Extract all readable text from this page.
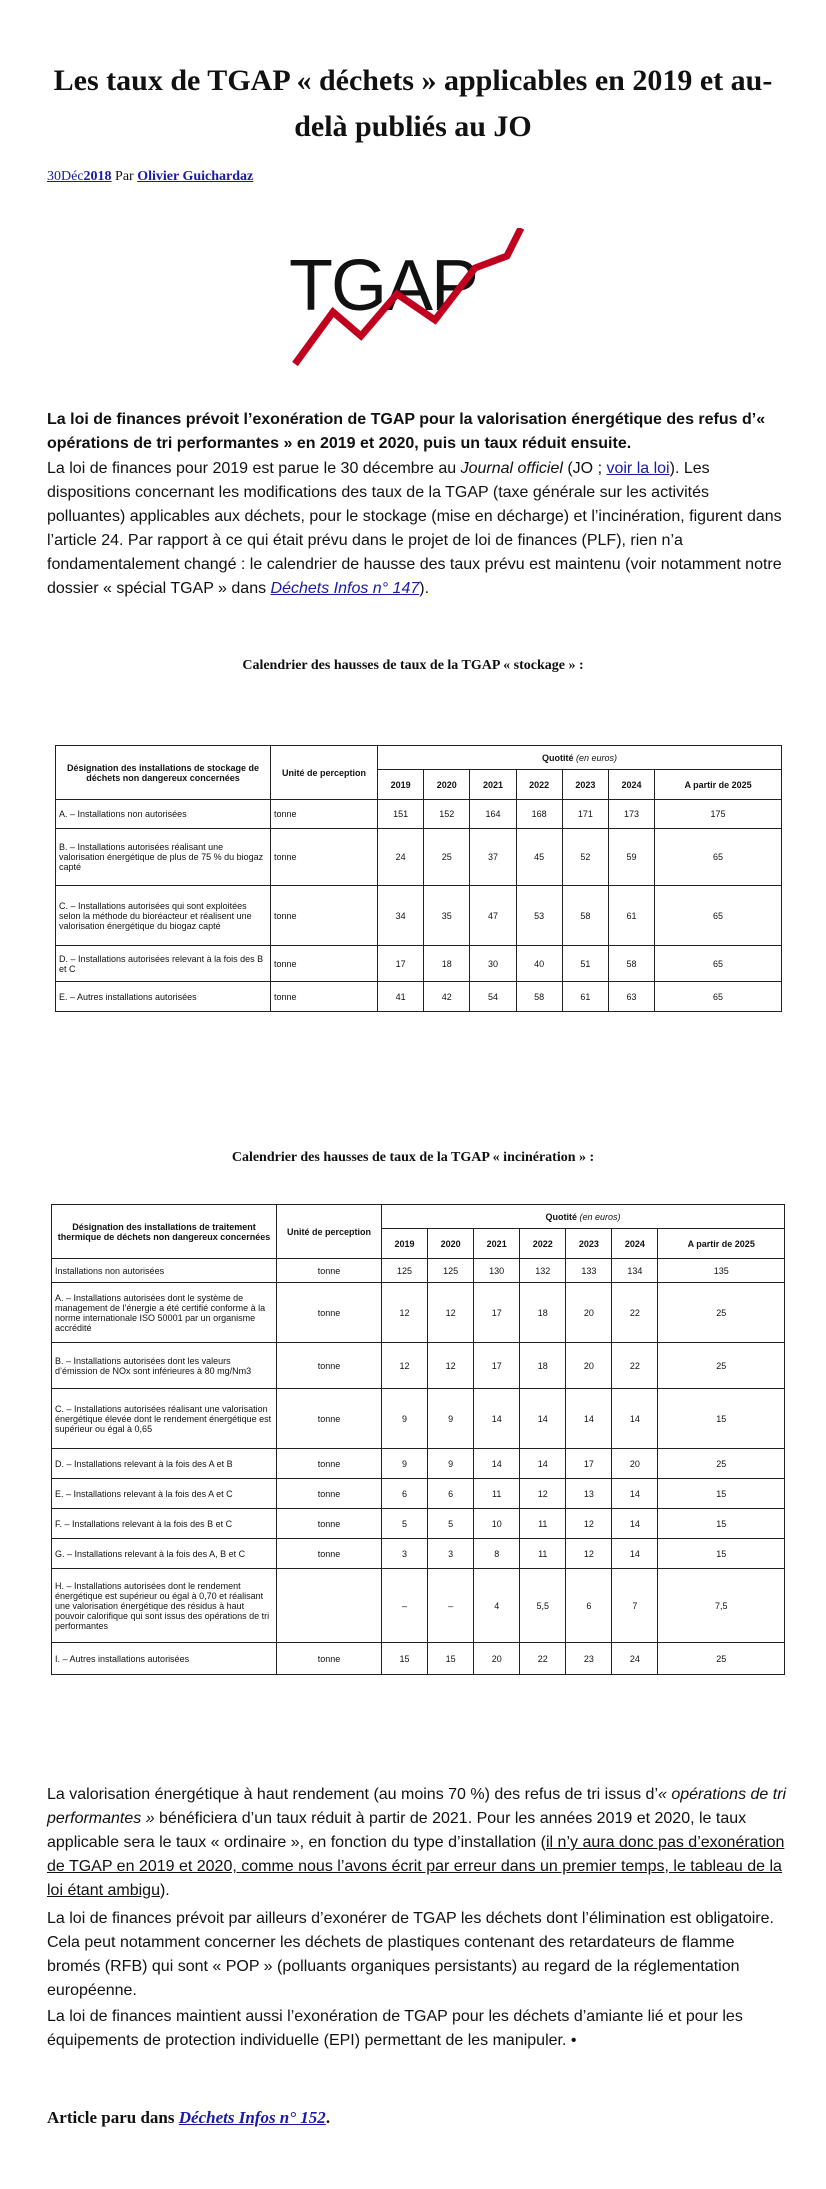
Les taux de TGAP « déchets » applicables en 2019 et au-delà publiés au JO
30Déc2018 Par Olivier Guichardaz
TGAP

La loi de finances prévoit l’exonération de TGAP pour la valorisation énergétique des refus d’« opérations de tri performantes » en 2019 et 2020, puis un taux réduit ensuite.

La loi de finances pour 2019 est parue le 30 décembre au Journal officiel (JO ; voir la loi). Les dispositions concernant les modifications des taux de la TGAP (taxe générale sur les activités polluantes) applicables aux déchets, pour le stockage (mise en décharge) et l’incinération, figurent dans l’article 24. Par rapport à ce qui était prévu dans le projet de loi de finances (PLF), rien n’a fondamentalement changé : le calendrier de hausse des taux prévu est maintenu (voir notamment notre dossier « spécial TGAP » dans Déchets Infos n° 147).

Calendrier des hausses de taux de la TGAP « stockage » :

Désignation des installations de stockage de déchets non dangereux concernées	Unité de perception	Quotité (en euros)						
		2019	2020	2021	2022	2023	2024	A partir de 2025
A. – Installations non autorisées	tonne	151	152	164	168	171	173	175
B. – Installations autorisées réalisant une valorisation énergétique de plus de 75 % du biogaz capté	tonne	24	25	37	45	52	59	65
C. – Installations autorisées qui sont exploitées selon la méthode du bioréacteur et réalisent une valorisation énergétique du biogaz capté	tonne	34	35	47	53	58	61	65
D. – Installations autorisées relevant à la fois des B et C	tonne	17	18	30	40	51	58	65
E. – Autres installations autorisées	tonne	41	42	54	58	61	63	65

Calendrier des hausses de taux de la TGAP « incinération » :

Désignation des installations de traitement thermique de déchets non dangereux concernées	Unité de perception	Quotité (en euros)						
		2019	2020	2021	2022	2023	2024	A partir de 2025
Installations non autorisées	tonne	125	125	130	132	133	134	135
A. – Installations autorisées dont le système de management de l’énergie a été certifié conforme à la norme internationale ISO 50001 par un organisme accrédité	tonne	12	12	17	18	20	22	25
B. – Installations autorisées dont les valeurs d’émission de NOx sont inférieures à 80 mg/Nm3	tonne	12	12	17	18	20	22	25
C. – Installations autorisées réalisant une valorisation énergétique élevée dont le rendement énergétique est supérieur ou égal à 0,65	tonne	9	9	14	14	14	14	15
D. – Installations relevant à la fois des A et B	tonne	9	9	14	14	17	20	25
E. – Installations relevant à la fois des A et C	tonne	6	6	11	12	13	14	15
F. – Installations relevant à la fois des B et C	tonne	5	5	10	11	12	14	15
G. – Installations relevant à la fois des A, B et C	tonne	3	3	8	11	12	14	15
H. – Installations autorisées dont le rendement énergétique est supérieur ou égal à 0,70 et réalisant une valorisation énergétique des résidus à haut pouvoir calorifique qui sont issus des opérations de tri performantes		–	–	4	5,5	6	7	7,5
I. – Autres installations autorisées	tonne	15	15	20	22	23	24	25

La valorisation énergétique à haut rendement (au moins 70 %) des refus de tri issus d’« opérations de tri performantes » bénéficiera d’un taux réduit à partir de 2021. Pour les années 2019 et 2020, le taux applicable sera le taux « ordinaire », en fonction du type d’installation (il n’y aura donc pas d’exonération de TGAP en 2019 et 2020, comme nous l’avons écrit par erreur dans un premier temps, le tableau de la loi étant ambigu).

La loi de finances prévoit par ailleurs d’exonérer de TGAP les déchets dont l’élimination est obligatoire. Cela peut notamment concerner les déchets de plastiques contenant des retardateurs de flamme bromés (RFB) qui sont « POP » (polluants organiques persistants) au regard de la réglementation européenne.

La loi de finances maintient aussi l’exonération de TGAP pour les déchets d’amiante lié et pour les équipements de protection individuelle (EPI) permettant de les manipuler. •

Article paru dans Déchets Infos n° 152.
